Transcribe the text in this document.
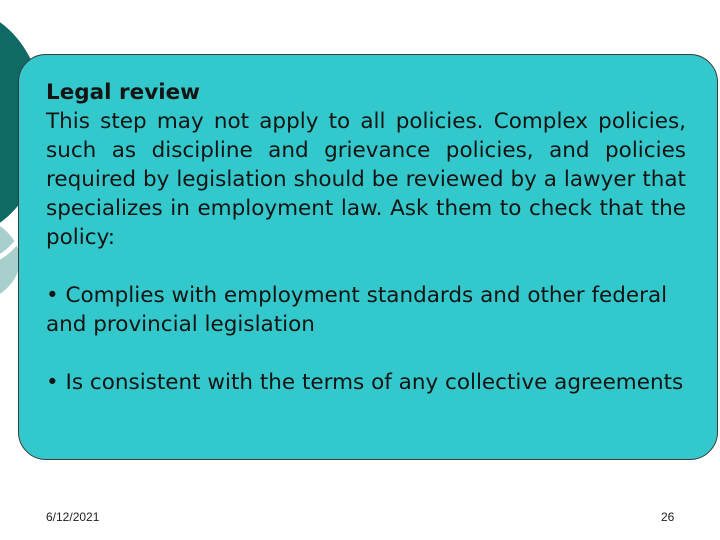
Legal review
This step may not apply to all policies. Complex policies, such as discipline and grievance policies, and policies required by legislation should be reviewed by a lawyer that specializes in employment law. Ask them to check that the policy:
• Complies with employment standards and other federal and provincial legislation
• Is consistent with the terms of any collective agreements
6/12/2021	26
